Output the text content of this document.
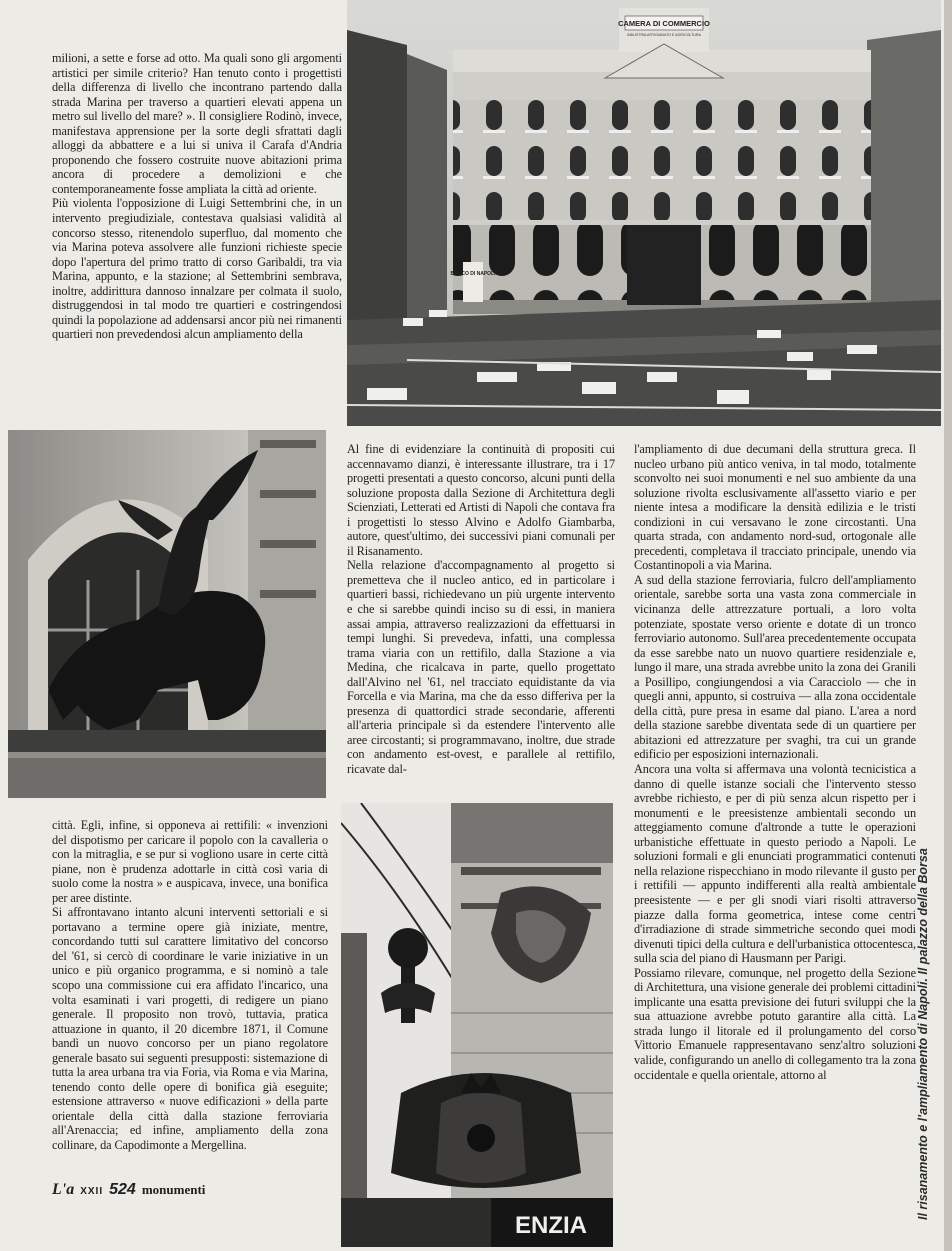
milioni, a sette e forse ad otto. Ma quali sono gli argomenti artistici per simile criterio? Han tenuto conto i progettisti della differenza di livello che incontrano partendo dalla strada Marina per traverso a quartieri elevati appena un metro sul livello del mare? ». Il consigliere Rodinò, invece, manifestava apprensione per la sorte degli sfrattati dagli alloggi da abbattere e a lui si univa il Carafa d'Andria proponendo che fossero costruite nuove abitazioni prima ancora di procedere a demolizioni e che contemporaneamente fosse ampliata la città ad oriente.

Più violenta l'opposizione di Luigi Settembrini che, in un intervento pregiudiziale, contestava qualsiasi validità al concorso stesso, ritenendolo superfluo, dal momento che via Marina poteva assolvere alle funzioni richieste specie dopo l'apertura del primo tratto di corso Garibaldi, tra via Marina, appunto, e la stazione; al Settembrini sembrava, inoltre, addirittura dannoso innalzare per colmata il suolo, distruggendosi in tal modo tre quartieri e costringendosi quindi la popolazione ad addensarsi ancor più nei rimanenti quartieri non prevedendosi alcun ampliamento della

CAMERA DI COMMERCIO
INDUSTRIA ARTIGIANATO E AGRICOLTURA
BANCO DI NAPOLI

Al fine di evidenziare la continuità di propositi cui accennavamo dianzi, è interessante illustrare, tra i 17 progetti presentati a questo concorso, alcuni punti della soluzione proposta dalla Sezione di Architettura degli Scienziati, Letterati ed Artisti di Napoli che contava fra i progettisti lo stesso Alvino e Adolfo Giambarba, autore, quest'ultimo, dei successivi piani comunali per il Risanamento.

Nella relazione d'accompagnamento al progetto si premetteva che il nucleo antico, ed in particolare i quartieri bassi, richiedevano un più urgente intervento e che si sarebbe quindi inciso su di essi, in maniera assai ampia, attraverso realizzazioni da effettuarsi in tempi lunghi. Si prevedeva, infatti, una complessa trama viaria con un rettifilo, dalla Stazione a via Medina, che ricalcava in parte, quello progettato dall'Alvino nel '61, nel tracciato equidistante da via Forcella e via Marina, ma che da esso differiva per la presenza di quattordici strade secondarie, afferenti all'arteria principale sì da estendere l'intervento alle aree circostanti; si programmavano, inoltre, due strade con andamento est-ovest, e parallele al rettifilo, ricavate dal-

l'ampliamento di due decumani della struttura greca. Il nucleo urbano più antico veniva, in tal modo, totalmente sconvolto nei suoi monumenti e nel suo ambiente da una soluzione rivolta esclusivamente all'assetto viario e per niente intesa a modificare la densità edilizia e le tristi condizioni in cui versavano le zone circostanti. Una quarta strada, con andamento nord-sud, ortogonale alle precedenti, completava il tracciato principale, unendo via Costantinopoli a via Marina.

A sud della stazione ferroviaria, fulcro dell'ampliamento orientale, sarebbe sorta una vasta zona commerciale in vicinanza delle attrezzature portuali, a loro volta potenziate, spostate verso oriente e dotate di un tronco ferroviario autonomo. Sull'area precedentemente occupata da esse sarebbe nato un nuovo quartiere residenziale e, lungo il mare, una strada avrebbe unito la zona dei Granili a Posillipo, congiungendosi a via Caracciolo — che in quegli anni, appunto, si costruiva — alla zona occidentale della città, pure presa in esame dal piano. L'area a nord della stazione sarebbe diventata sede di un quartiere per abitazioni ed attrezzature per svaghi, tra cui un grande edificio per esposizioni internazionali.

Ancora una volta si affermava una volontà tecnicistica a danno di quelle istanze sociali che l'intervento stesso avrebbe richiesto, e per di più senza alcun rispetto per i monumenti e le preesistenze ambientali secondo un atteggiamento comune d'altronde a tutte le operazioni urbanistiche effettuate in questo periodo a Napoli. Le soluzioni formali e gli enunciati programmatici contenuti nella relazione rispecchiano in modo rilevante il gusto per i rettifili — appunto indifferenti alla realtà ambientale preesistente — e per gli snodi viari risolti attraverso piazze dalla forma geometrica, intese come centri d'irradiazione di strade simmetriche secondo quei modi divenuti tipici della cultura e dell'urbanistica ottocentesca, sulla scia del piano di Hausmann per Parigi.

Possiamo rilevare, comunque, nel progetto della Sezione di Architettura, una visione generale dei problemi cittadini implicante una esatta previsione dei futuri sviluppi che la sua attuazione avrebbe potuto garantire alla città. La strada lungo il litorale ed il prolungamento del corso Vittorio Emanuele rappresentavano senz'altro soluzioni valide, configurando un anello di collegamento tra la zona occidentale e quella orientale, attorno al

città. Egli, infine, si opponeva ai rettifili: « invenzioni del dispotismo per caricare il popolo con la cavalleria o con la mitraglia, e se pur si vogliono usare in certe città piane, non è prudenza adottarle in città così varia di suolo come la nostra » e auspicava, invece, una bonifica per aree distinte.

Si affrontavano intanto alcuni interventi settoriali e si portavano a termine opere già iniziate, mentre, concordando tutti sul carattere limitativo del concorso del '61, si cercò di coordinare le varie iniziative in un unico e più organico programma, e si nominò a tale scopo una commissione cui era affidato l'incarico, una volta esaminati i vari progetti, di redigere un piano generale. Il proposito non trovò, tuttavia, pratica attuazione in quanto, il 20 dicembre 1871, il Comune bandì un nuovo concorso per un piano regolatore generale basato sui seguenti presupposti: sistemazione di tutta la area urbana tra via Foria, via Roma e via Marina, tenendo conto delle opere di bonifica già eseguite; estensione attraverso « nuove edificazioni » della parte orientale della città dalla stazione ferroviaria all'Arenaccia; ed infine, ampliamento della zona collinare, da Capodimonte a Mergellina.

ENZIA
Il risanamento e l'ampliamento di Napoli. Il palazzo della Borsa
L'a XXII 524 monumenti
